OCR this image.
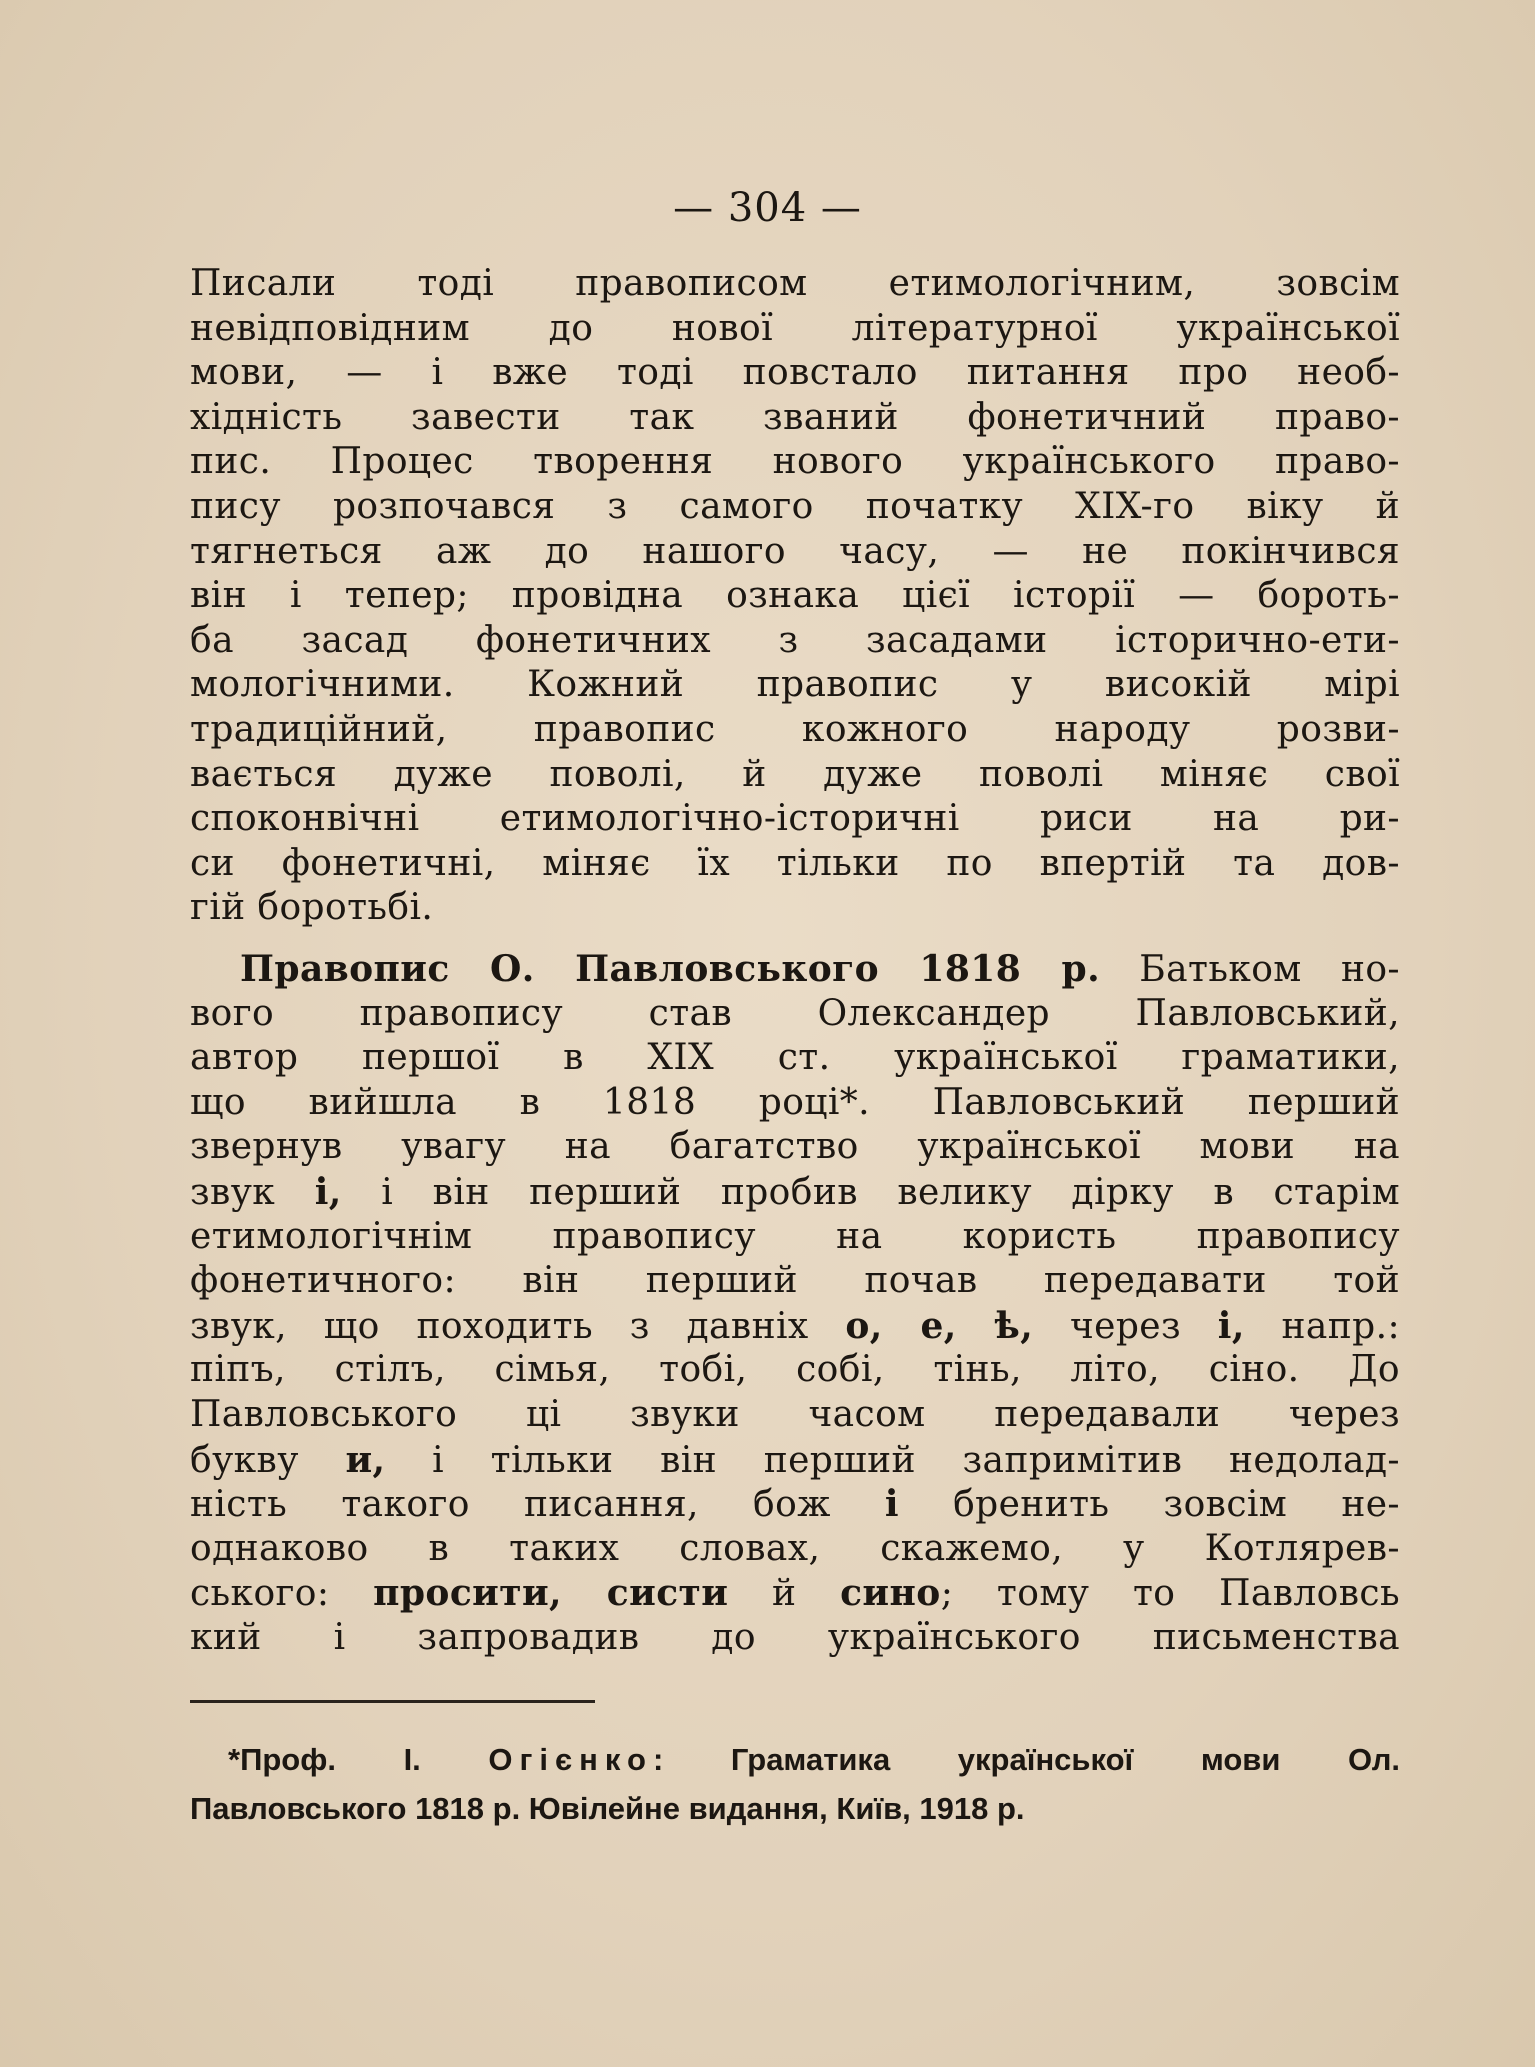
— 304 —
Писали тоді правописом етимологічним, зовсім
невідповідним до нової літературної української
мови, — і вже тоді повстало питання про необ-
хідність завести так званий фонетичний право-
пис. Процес творення нового українського право-
пису розпочався з самого початку XIX-го віку й
тягнеться аж до нашого часу, — не покінчився
він і тепер; провідна ознака цієї історії — бороть-
ба засад фонетичних з засадами історично-ети-
мологічними. Кожний правопис у високій мірі
традиційний, правопис кожного народу розви-
вається дуже поволі, й дуже поволі міняє свої
споконвічні етимологічно-історичні риси на ри-
си фонетичні, міняє їх тільки по впертій та дов-
гій боротьбі.
Правопис О. Павловського 1818 р. Батьком но-
вого правопису став Олександер Павловський,
автор першої в XIX ст. української граматики,
що вийшла в 1818 році*. Павловський перший
звернув увагу на багатство української мови на
звук і, і він перший пробив велику дірку в старім
етимологічнім правопису на користь правопису
фонетичного: він перший почав передавати той
звук, що походить з давніх о, е, ѣ, через і, напр.:
піпъ, стілъ, сімья, тобі, собі, тінь, літо, сіно. До
Павловського ці звуки часом передавали через
букву и, і тільки він перший запримітив недолад-
ність такого писання, бож і бренить зовсім не-
однаково в таких словах, скажемо, у Котлярев-
ського: просити, систи й сино; тому то Павловсь
кий і запровадив до українського письменства
*Проф. І. Огієнко: Граматика української мови Ол.
Павловського 1818 р. Ювілейне видання, Київ, 1918 р.
